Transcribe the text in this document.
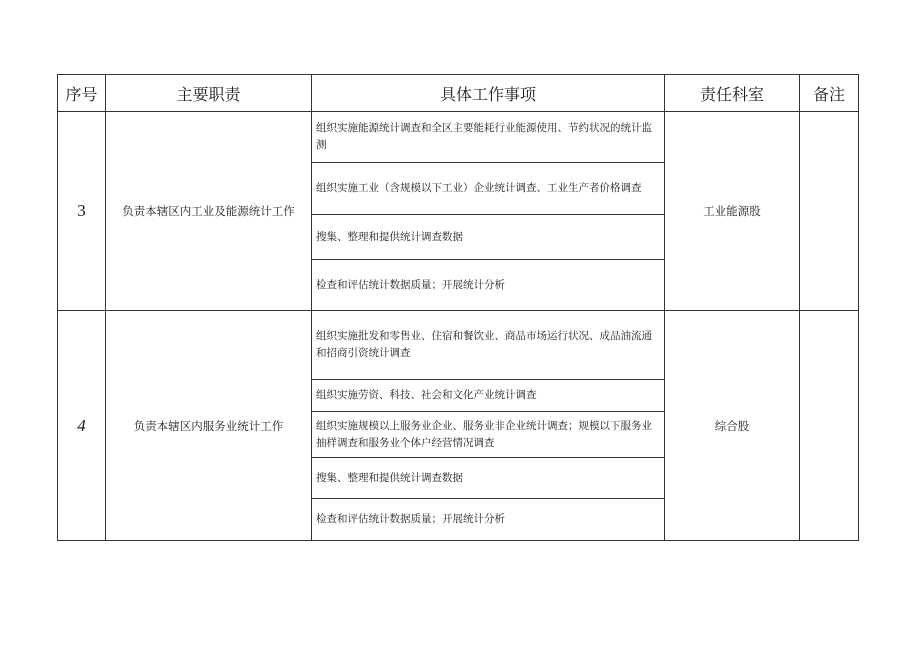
序号	主要职责	具体工作事项	责任科室	备注
3	负责本辖区内工业及能源统计工作	组织实施能源统计调查和全区主要能耗行业能源使用、节约状况的统计监测	工业能源股	
		组织实施工业（含规模以下工业）企业统计调查、工业生产者价格调查		
		搜集、整理和提供统计调查数据		
		检查和评估统计数据质量；开展统计分析		
4	负责本辖区内服务业统计工作	组织实施批发和零售业、住宿和餐饮业、商品市场运行状况、成品油流通和招商引资统计调查	综合股	
		组织实施劳资、科技、社会和文化产业统计调查		
		组织实施规模以上服务业企业、服务业非企业统计调查；规模以下服务业抽样调查和服务业个体户经营情况调查		
		搜集、整理和提供统计调查数据		
		检查和评估统计数据质量；开展统计分析		
